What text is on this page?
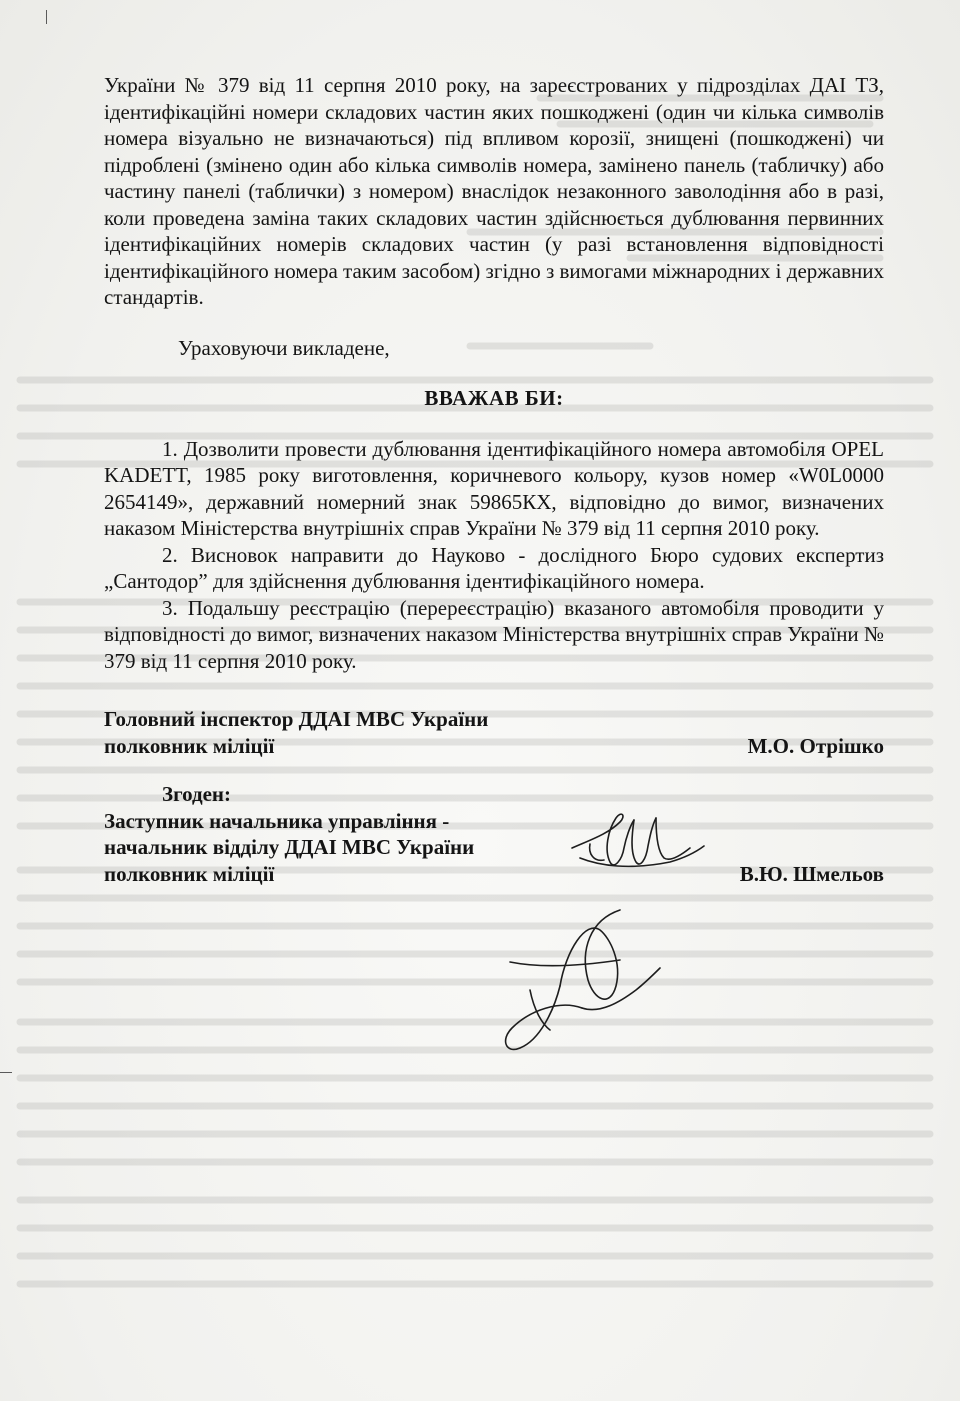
України № 379 від 11 серпня 2010 року, на зареєстрованих у підрозділах ДАІ ТЗ, ідентифікаційні номери складових частин яких пошкоджені (один чи кілька символів номера візуально не визначаються) під впливом корозії, знищені (пошкоджені) чи підроблені (змінено один або кілька символів номера, замінено панель (табличку) або частину панелі (таблички) з номером) внаслідок незаконного заволодіння або в разі, коли проведена заміна таких складових частин здійснюється дублювання первинних ідентифікаційних номерів складових частин (у разі встановлення відповідності ідентифікаційного номера таким засобом) згідно з вимогами міжнародних і державних стандартів.

Ураховуючи викладене,

ВВАЖАВ БИ:

1. Дозволити провести дублювання ідентифікаційного номера автомобіля OPEL KADETT, 1985 року виготовлення, коричневого кольору, кузов номер «W0L0000 2654149», державний номерний знак 59865КХ, відповідно до вимог, визначених наказом Міністерства внутрішніх справ України № 379 від 11 серпня 2010 року.
2. Висновок направити до Науково - дослідного Бюро судових експертиз „Сантодор” для здійснення дублювання ідентифікаційного номера.
3. Подальшу реєстрацію (перереєстрацію) вказаного автомобіля проводити у відповідності до вимог, визначених наказом Міністерства внутрішніх справ України № 379 від 11 серпня 2010 року.
Головний інспектор ДДАІ МВС України
полковник міліції	М.О. Отрішко
Згоден:
Заступник начальника управління -
начальник відділу ДДАІ МВС України
полковник міліції	В.Ю. Шмельов
